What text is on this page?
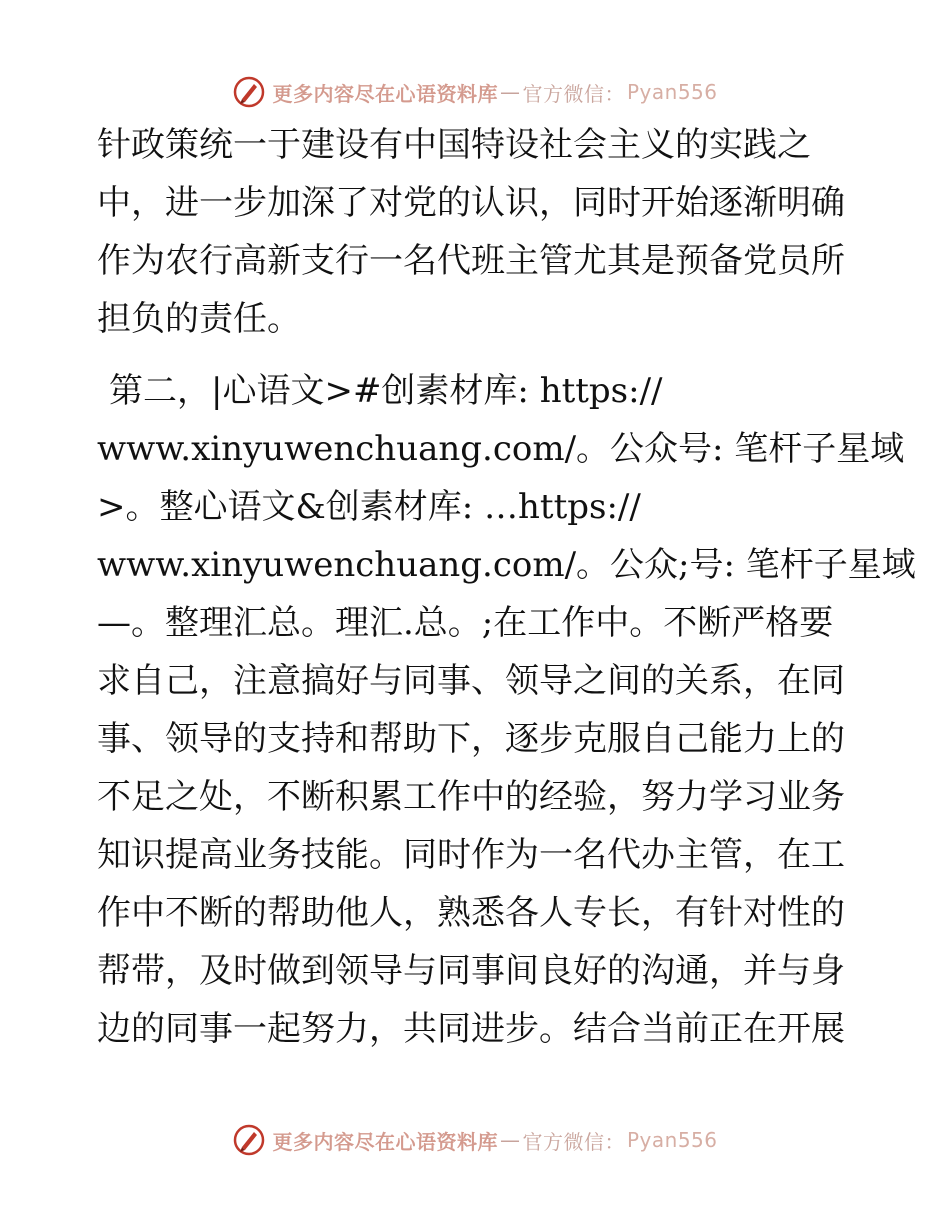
更多内容尽在心语资料库 — 官方微信： Pyan556
针政策统一于建设有中国特设社会主义的实践之
中，进一步加深了对党的认识，同时开始逐渐明确
作为农行高新支行一名代班主管尤其是预备党员所
担负的责任。
第二，|心语文>#创素材库: https://
www.xinyuwenchuang.com/。公众号: 笔杆子星域
>。整心语文&创素材库: …https://
www.xinyuwenchuang.com/。公众;号: 笔杆子星域
—。整理汇总。理汇.总。;在工作中。不断严格要
求自己，注意搞好与同事、领导之间的关系，在同
事、领导的支持和帮助下，逐步克服自己能力上的
不足之处，不断积累工作中的经验，努力学习业务
知识提高业务技能。同时作为一名代办主管，在工
作中不断的帮助他人，熟悉各人专长，有针对性的
帮带，及时做到领导与同事间良好的沟通，并与身
边的同事一起努力，共同进步。结合当前正在开展
更多内容尽在心语资料库 — 官方微信： Pyan556
